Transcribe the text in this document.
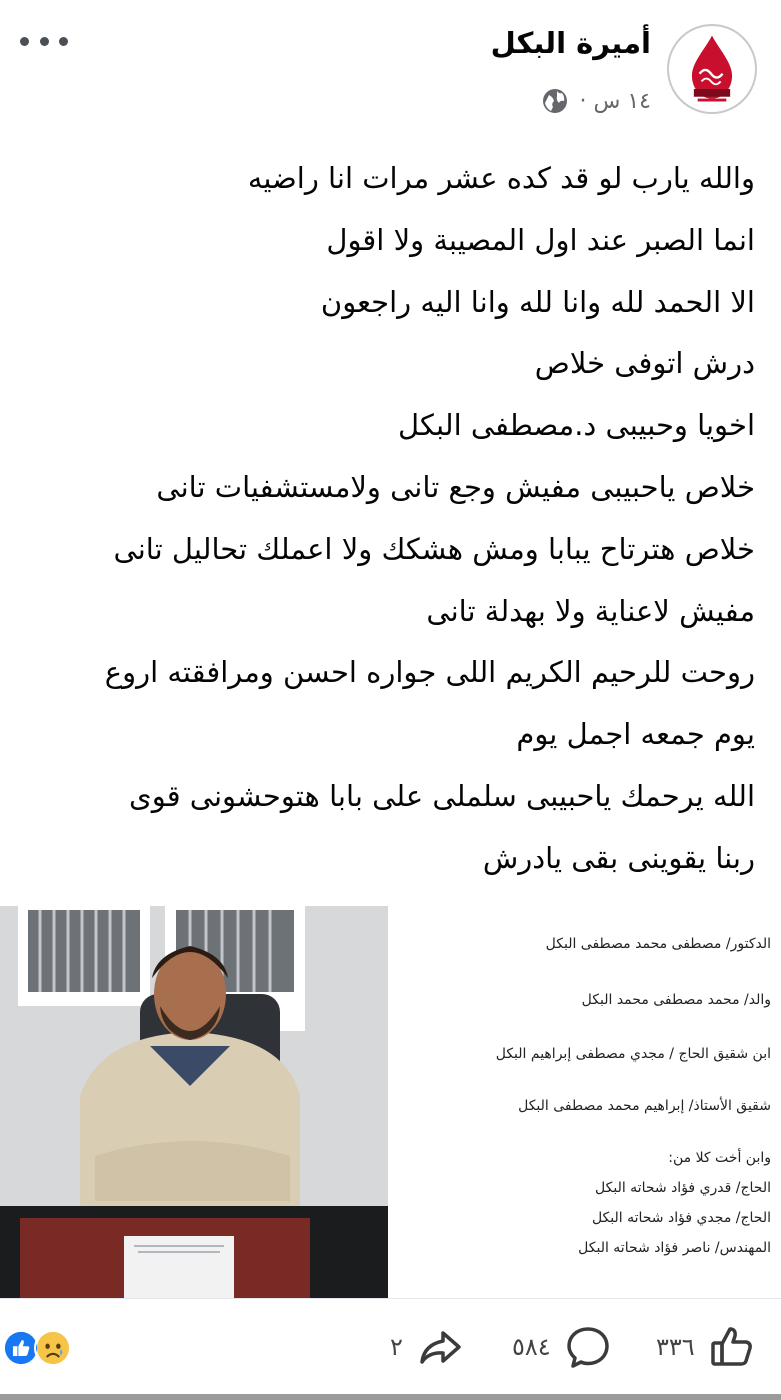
أميرة البكل
١٤ س ·
والله يارب لو قد كده عشر مرات انا راضيه
انما الصبر عند اول المصيبة ولا اقول
الا الحمد لله وانا لله وانا اليه راجعون
درش اتوفى خلاص
اخويا وحبيبى د.مصطفى البكل
خلاص ياحبيبى مفيش وجع تانى ولامستشفيات تانى
خلاص هترتاح يبابا ومش هشكك ولا اعملك تحاليل تانى
مفيش لاعناية ولا بهدلة تانى
روحت للرحيم الكريم اللى جواره احسن ومرافقته اروع
يوم جمعه اجمل يوم
الله يرحمك ياحبيبى سلملى على بابا هتوحشونى قوى
ربنا يقوينى بقى يادرش
الدكتور/ مصطفى محمد مصطفى البكل
والد/ محمد مصطفى محمد البكل
ابن شقيق الحاج / مجدي مصطفى إبراهيم البكل
شقيق الأستاذ/ إبراهيم محمد مصطفى البكل
وابن أخت كلا من:
الحاج/ قدري فؤاد شحاته البكل
الحاج/ مجدي فؤاد شحاته البكل
المهندس/ ناصر فؤاد شحاته البكل
٢	٥٨٤	٣٣٦
